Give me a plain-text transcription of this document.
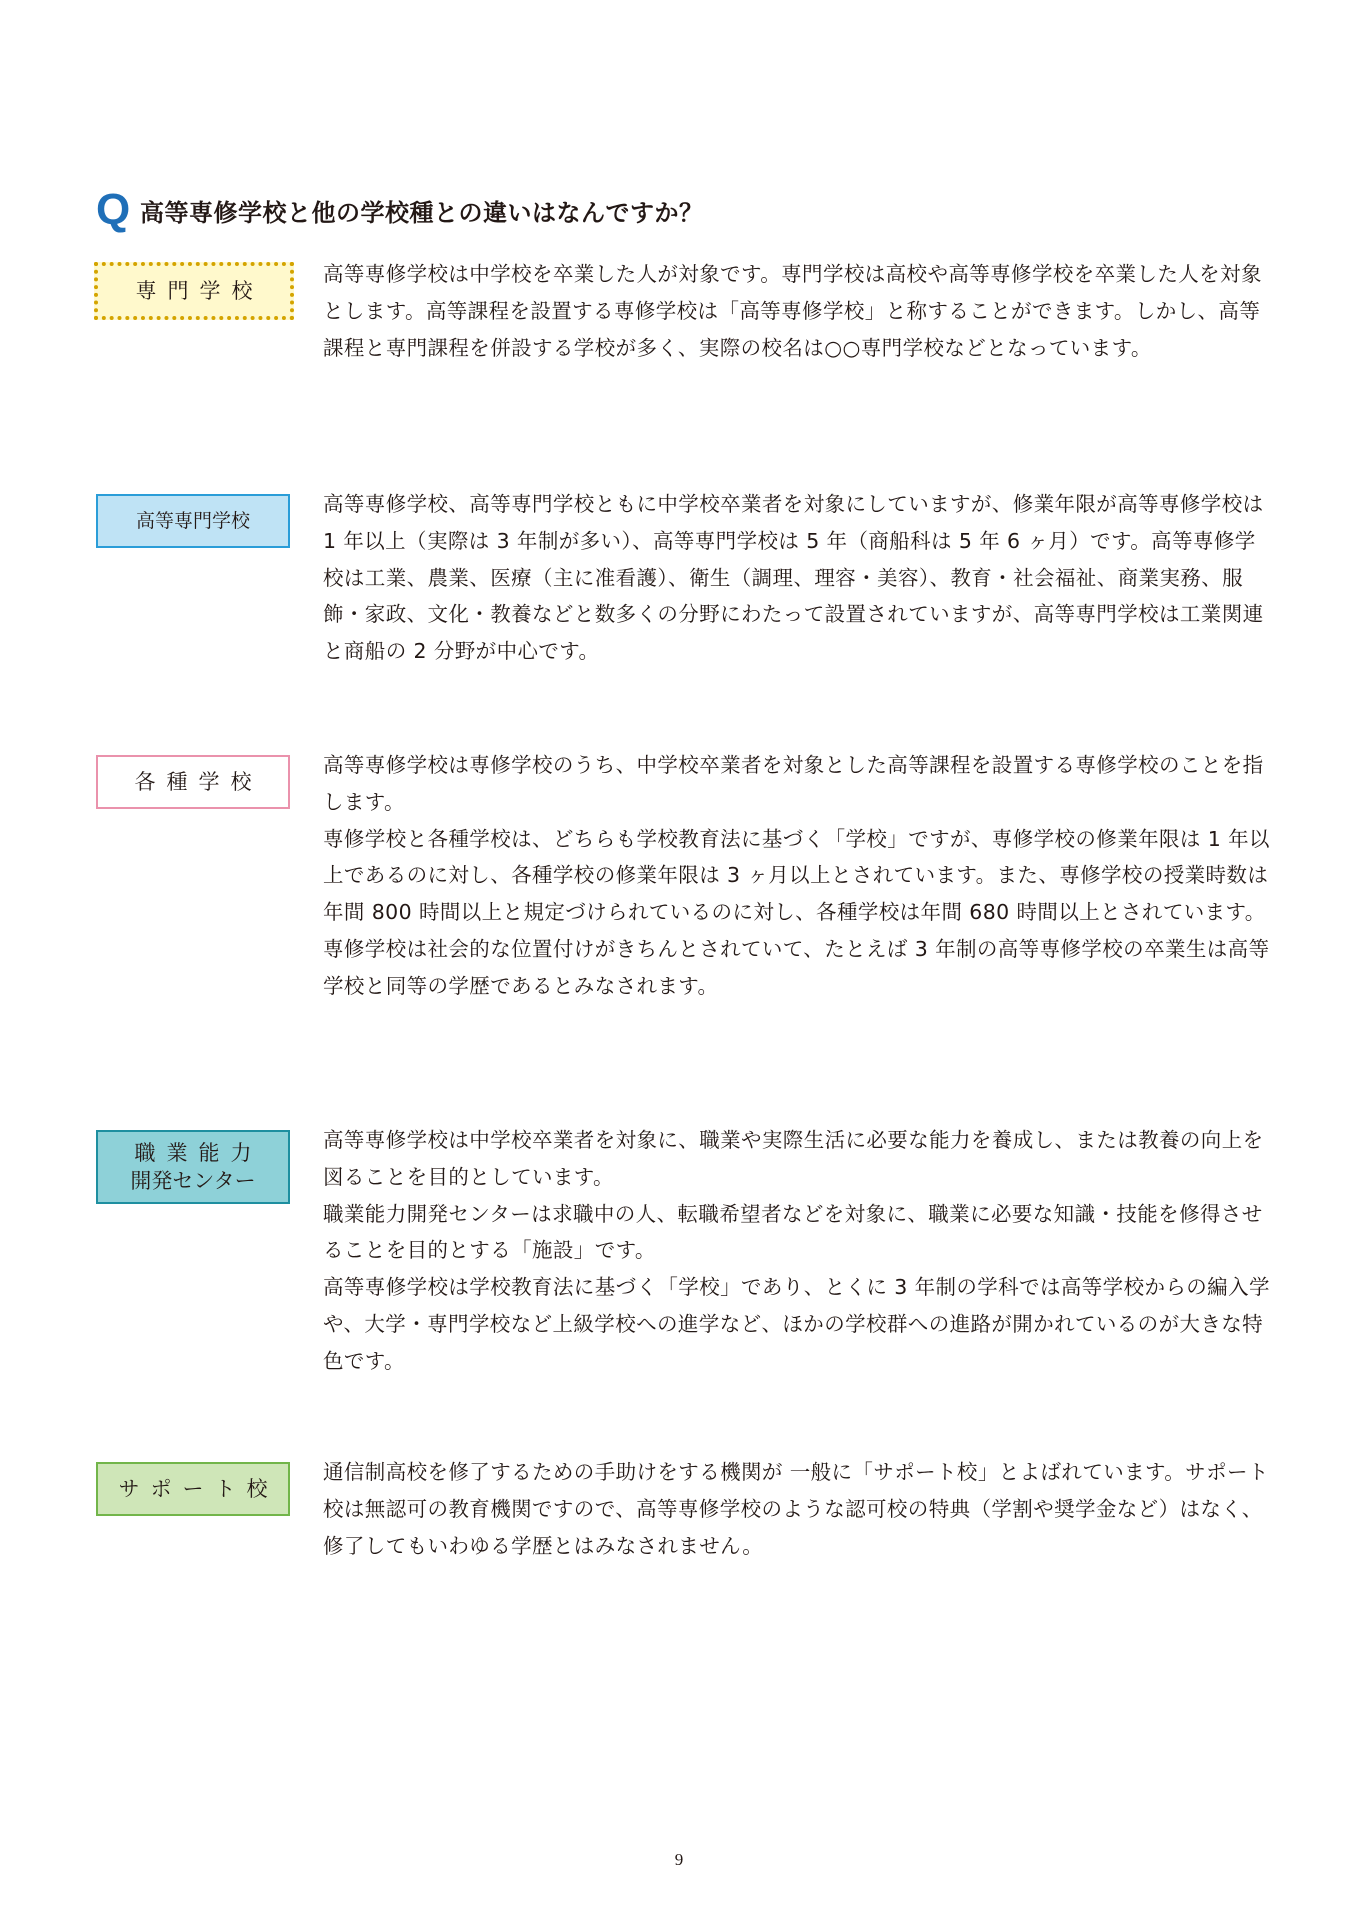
Q 高等専修学校と他の学校種との違いはなんですか？
専門学校

高等専修学校は中学校を卒業した人が対象です。専門学校は高校や高等専修学校を卒業した人を対象とします。高等課程を設置する専修学校は「高等専修学校」と称することができます。しかし、高等課程と専門課程を併設する学校が多く、実際の校名は○○専門学校などとなっています。

高等専門学校

高等専修学校、高等専門学校ともに中学校卒業者を対象にしていますが、修業年限が高等専修学校は 1 年以上（実際は 3 年制が多い）、高等専門学校は 5 年（商船科は 5 年 6 ヶ月）です。高等専修学校は工業、農業、医療（主に准看護）、衛生（調理、理容・美容）、教育・社会福祉、商業実務、服飾・家政、文化・教養などと数多くの分野にわたって設置されていますが、高等専門学校は工業関連と商船の 2 分野が中心です。

各種学校

高等専修学校は専修学校のうち、中学校卒業者を対象とした高等課程を設置する専修学校のことを指します。

専修学校と各種学校は、どちらも学校教育法に基づく「学校」ですが、専修学校の修業年限は 1 年以上であるのに対し、各種学校の修業年限は 3 ヶ月以上とされています。また、専修学校の授業時数は年間 800 時間以上と規定づけられているのに対し、各種学校は年間 680 時間以上とされています。

専修学校は社会的な位置付けがきちんとされていて、たとえば 3 年制の高等専修学校の卒業生は高等学校と同等の学歴であるとみなされます。

職業能力
開発センター

高等専修学校は中学校卒業者を対象に、職業や実際生活に必要な能力を養成し、または教養の向上を図ることを目的としています。

職業能力開発センターは求職中の人、転職希望者などを対象に、職業に必要な知識・技能を修得させることを目的とする「施設」です。

高等専修学校は学校教育法に基づく「学校」であり、とくに 3 年制の学科では高等学校からの編入学や、大学・専門学校など上級学校への進学など、ほかの学校群への進路が開かれているのが大きな特色です。

サポート校

通信制高校を修了するための手助けをする機関が 一般に「サポート校」とよばれています。サポート校は無認可の教育機関ですので、高等専修学校のような認可校の特典（学割や奨学金など）はなく、修了してもいわゆる学歴とはみなされません。

9
